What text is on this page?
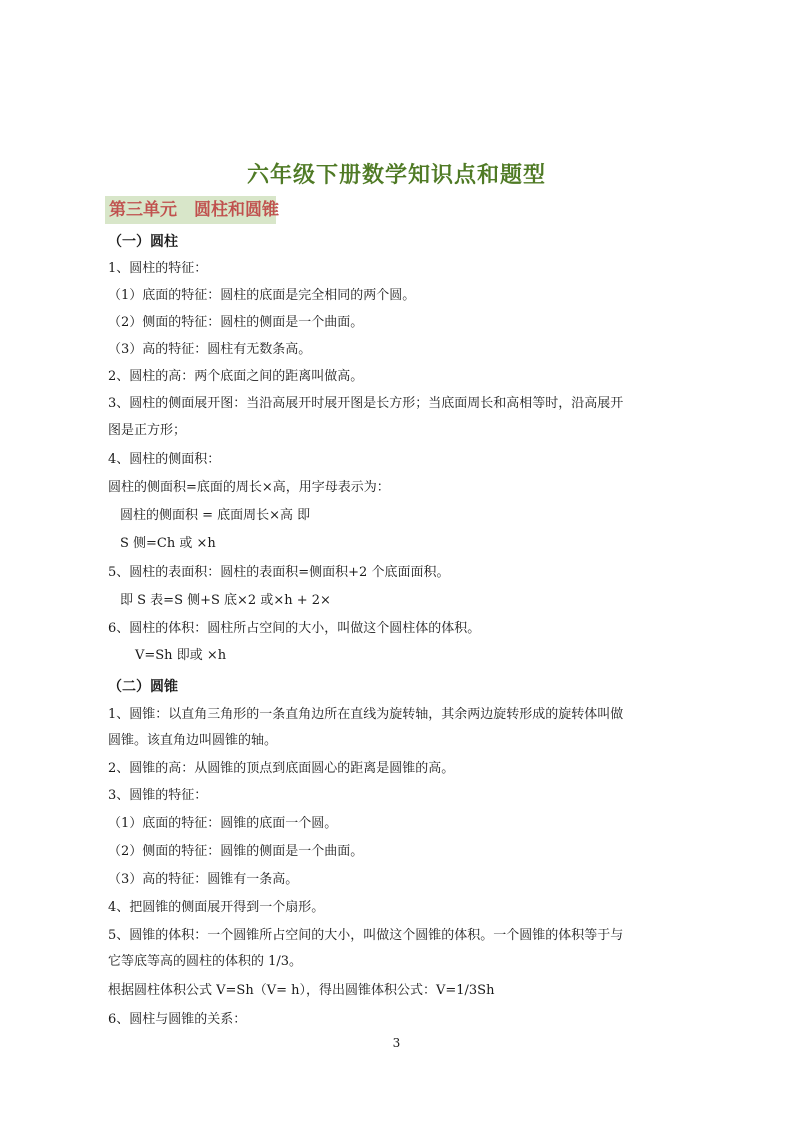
六年级下册数学知识点和题型
第三单元　圆柱和圆锥
（一）圆柱
1、圆柱的特征：
（1）底面的特征：圆柱的底面是完全相同的两个圆。
（2）侧面的特征：圆柱的侧面是一个曲面。
（3）高的特征：圆柱有无数条高。
2、圆柱的高：两个底面之间的距离叫做高。
3、圆柱的侧面展开图：当沿高展开时展开图是长方形；当底面周长和高相等时，沿高展开
图是正方形；
4、圆柱的侧面积：
圆柱的侧面积=底面的周长×高，用字母表示为：
圆柱的侧面积 = 底面周长×高 即
S 侧=Ch 或 ×h
5、圆柱的表面积：圆柱的表面积=侧面积+2 个底面面积。
即 S 表=S 侧+S 底×2 或×h + 2×
6、圆柱的体积：圆柱所占空间的大小，叫做这个圆柱体的体积。
V=Sh 即或 ×h
（二）圆锥
1、圆锥：以直角三角形的一条直角边所在直线为旋转轴，其余两边旋转形成的旋转体叫做
圆锥。该直角边叫圆锥的轴。
2、圆锥的高：从圆锥的顶点到底面圆心的距离是圆锥的高。
3、圆锥的特征：
（1）底面的特征：圆锥的底面一个圆。
（2）侧面的特征：圆锥的侧面是一个曲面。
（3）高的特征：圆锥有一条高。
4、把圆锥的侧面展开得到一个扇形。
5、圆锥的体积：一个圆锥所占空间的大小，叫做这个圆锥的体积。一个圆锥的体积等于与
它等底等高的圆柱的体积的 1/3。
根据圆柱体积公式 V=Sh（V= h），得出圆锥体积公式：V=1/3Sh
6、圆柱与圆锥的关系：
3
